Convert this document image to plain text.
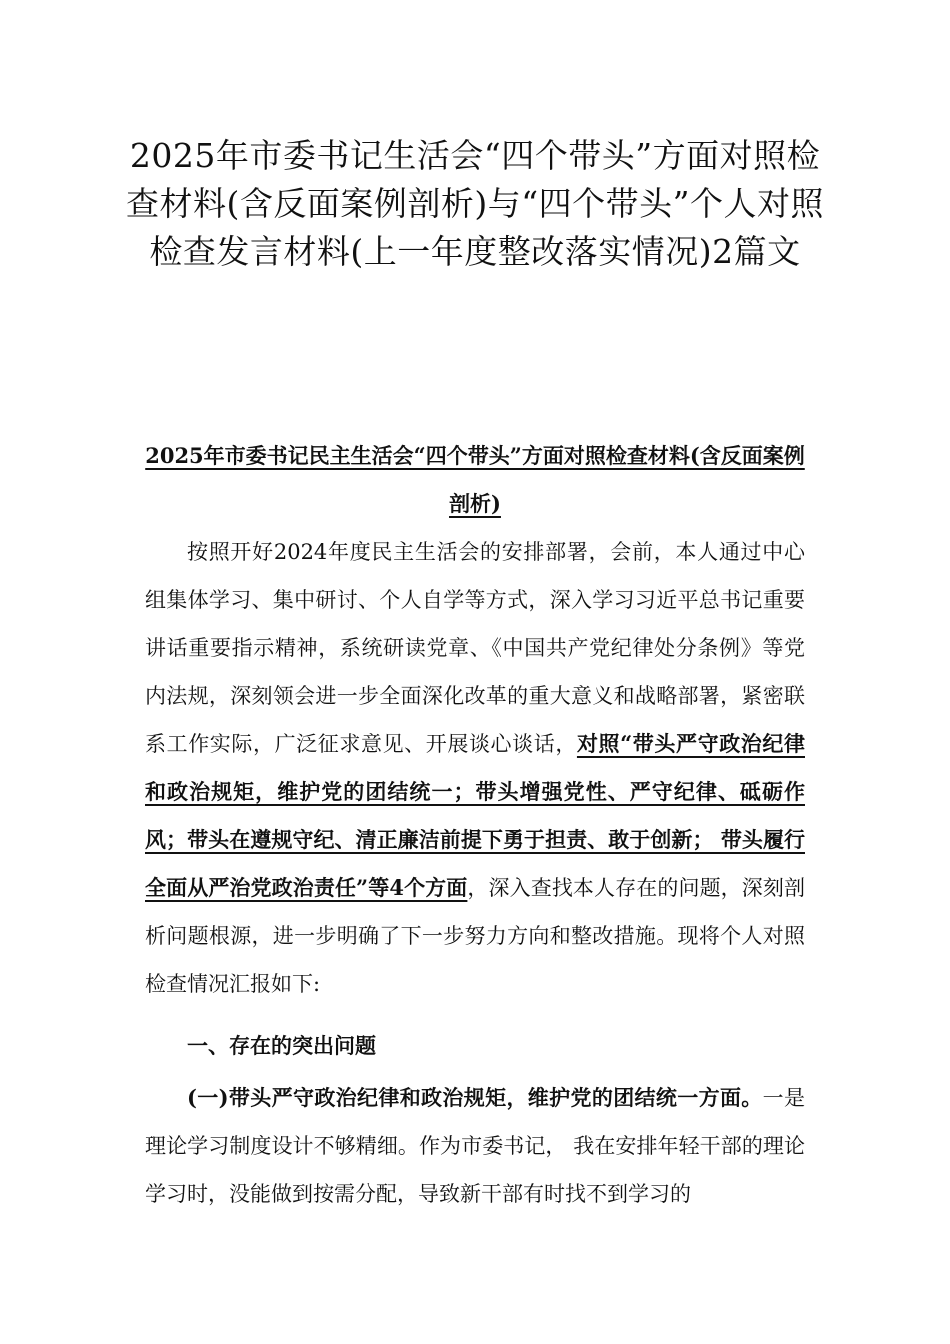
2025年市委书记生活会“四个带头”方面对照检查材料(含反面案例剖析)与“四个带头”个人对照检查发言材料(上一年度整改落实情况)2篇文
2025年市委书记民主生活会“四个带头”方面对照检查材料(含反面案例剖析)

按照开好2024年度民主生活会的安排部署，会前，本人通过中心组集体学习、集中研讨、个人自学等方式，深入学习习近平总书记重要讲话重要指示精神，系统研读党章、《中国共产党纪律处分条例》等党内法规，深刻领会进一步全面深化改革的重大意义和战略部署，紧密联系工作实际，广泛征求意见、开展谈心谈话，对照“带头严守政治纪律和政治规矩，维护党的团结统一；带头增强党性、严守纪律、砥砺作风；带头在遵规守纪、清正廉洁前提下勇于担责、敢于创新； 带头履行全面从严治党政治责任”等4个方面，深入查找本人存在的问题，深刻剖析问题根源，进一步明确了下一步努力方向和整改措施。现将个人对照检查情况汇报如下:

一、存在的突出问题

(一)带头严守政治纪律和政治规矩，维护党的团结统一方面。一是理论学习制度设计不够精细。作为市委书记， 我在安排年轻干部的理论学习时，没能做到按需分配，导致新干部有时找不到学习的
